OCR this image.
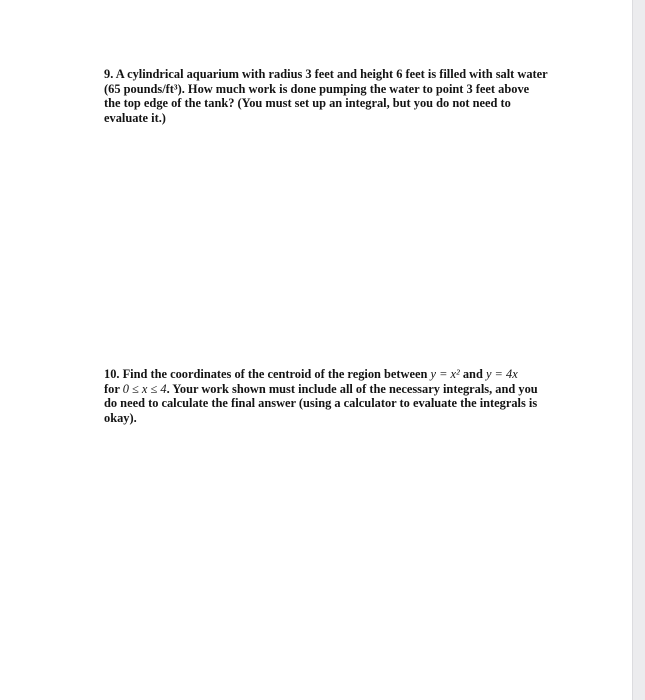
9. A cylindrical aquarium with radius 3 feet and height 6 feet is filled with salt water
(65 pounds/ft³). How much work is done pumping the water to point 3 feet above
the top edge of the tank? (You must set up an integral, but you do not need to
evaluate it.)
10. Find the coordinates of the centroid of the region between y = x² and y = 4x
for 0 ≤ x ≤ 4. Your work shown must include all of the necessary integrals, and you
do need to calculate the final answer (using a calculator to evaluate the integrals is
okay).
